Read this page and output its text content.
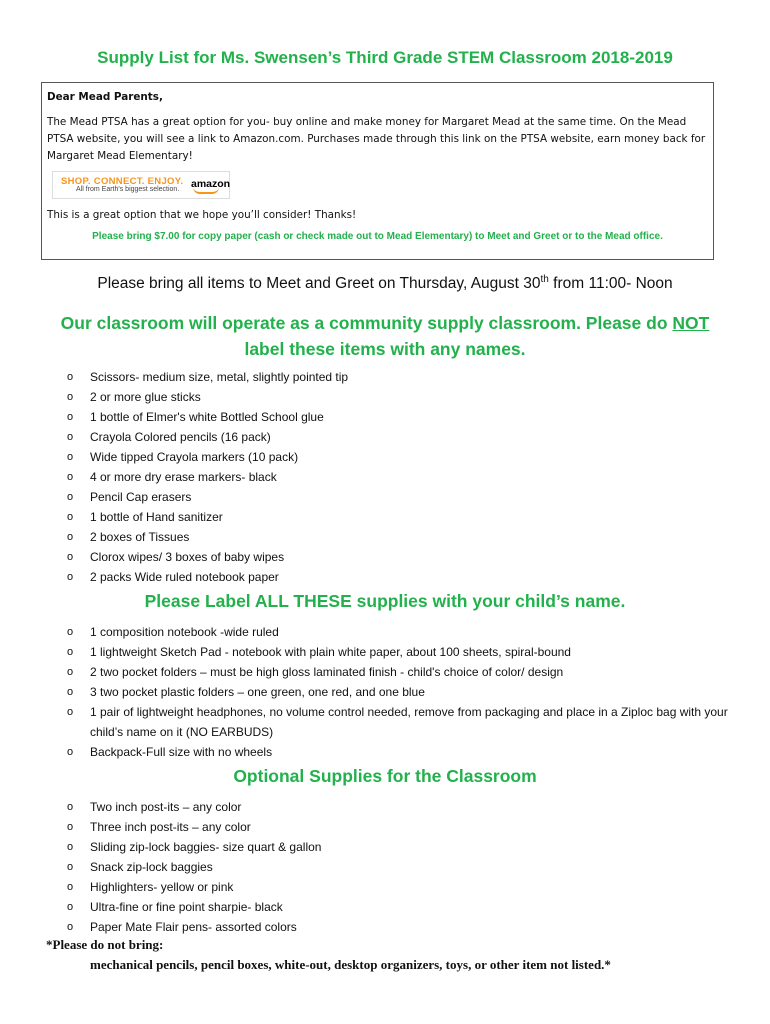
Supply List for Ms. Swensen’s Third Grade STEM Classroom 2018-2019
Dear Mead Parents,
The Mead PTSA has a great option for you- buy online and make money for Margaret Mead at the same time. On the Mead PTSA website, you will see a link to Amazon.com. Purchases made through this link on the PTSA website, earn money back for Margaret Mead Elementary!
SHOP. CONNECT. ENJOY.
All from Earth's biggest selection. amazon
This is a great option that we hope you’ll consider! Thanks!
Please bring $7.00 for copy paper (cash or check made out to Mead Elementary) to Meet and Greet or to the Mead office.
Please bring all items to Meet and Greet on Thursday, August 30th from 11:00- Noon
Our classroom will operate as a community supply classroom. Please do NOT label these items with any names.
o Scissors- medium size, metal, slightly pointed tip
o 2 or more glue sticks
o 1 bottle of Elmer's white Bottled School glue
o Crayola Colored pencils (16 pack)
o Wide tipped Crayola markers (10 pack)
o 4 or more dry erase markers- black
o Pencil Cap erasers
o 1 bottle of Hand sanitizer
o 2 boxes of Tissues
o Clorox wipes/ 3 boxes of baby wipes
o 2 packs Wide ruled notebook paper
Please Label ALL THESE supplies with your child’s name.
o 1 composition notebook -wide ruled
o 1 lightweight Sketch Pad - notebook with plain white paper, about 100 sheets, spiral-bound
o 2 two pocket folders – must be high gloss laminated finish - child's choice of color/ design
o 3 two pocket plastic folders – one green, one red, and one blue
o 1 pair of lightweight headphones, no volume control needed, remove from packaging and place in a Ziploc bag with your child’s name on it (NO EARBUDS)
o Backpack-Full size with no wheels
Optional Supplies for the Classroom
o Two inch post-its – any color
o Three inch post-its – any color
o Sliding zip-lock baggies- size quart & gallon
o Snack zip-lock baggies
o Highlighters- yellow or pink
o Ultra-fine or fine point sharpie- black
o Paper Mate Flair pens- assorted colors
*Please do not bring:
mechanical pencils, pencil boxes, white-out, desktop organizers, toys, or other item not listed.*
